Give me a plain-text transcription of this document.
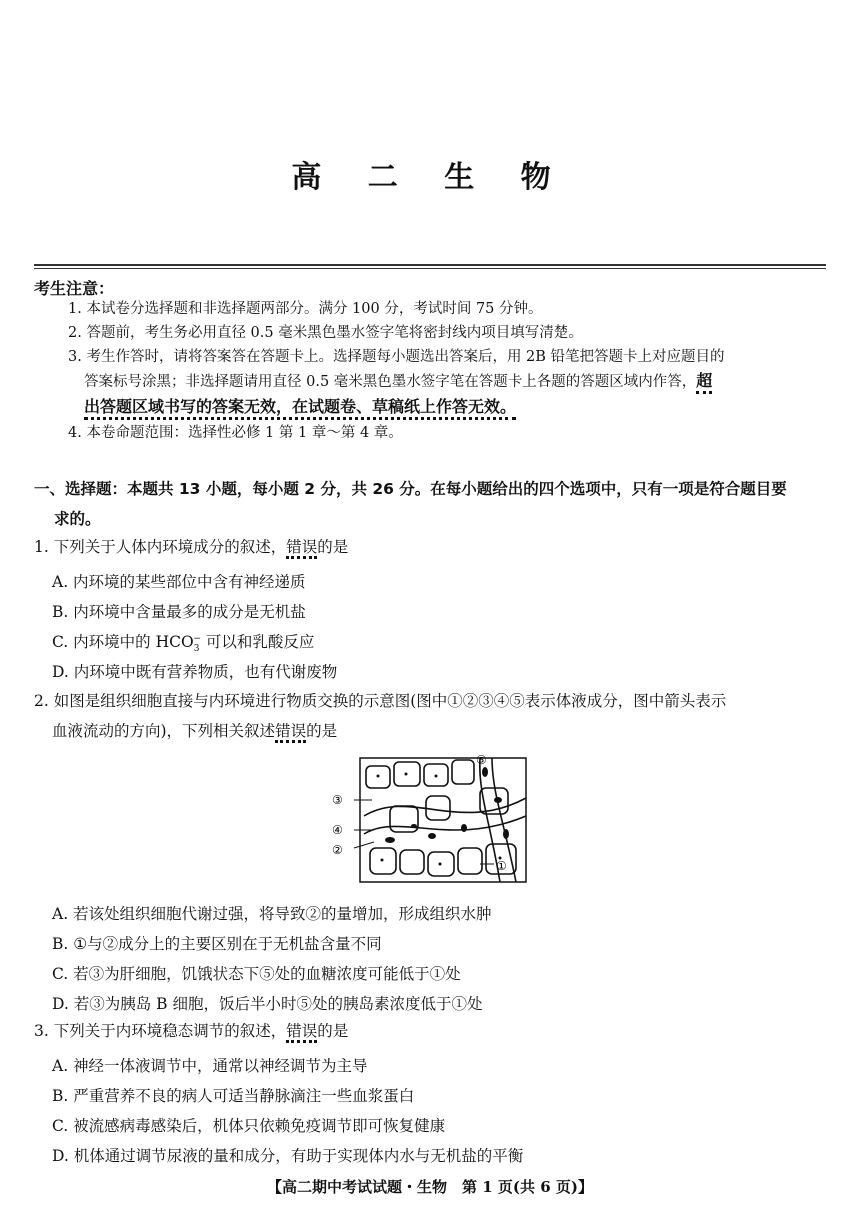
高 二 生 物
考生注意：
1. 本试卷分选择题和非选择题两部分。满分 100 分，考试时间 75 分钟。
2. 答题前，考生务必用直径 0.5 毫米黑色墨水签字笔将密封线内项目填写清楚。
3. 考生作答时，请将答案答在答题卡上。选择题每小题选出答案后，用 2B 铅笔把答题卡上对应题目的
答案标号涂黑；非选择题请用直径 0.5 毫米黑色墨水签字笔在答题卡上各题的答题区域内作答，超
出答题区域书写的答案无效，在试题卷、草稿纸上作答无效。
4. 本卷命题范围：选择性必修 1 第 1 章～第 4 章。
一、选择题：本题共 13 小题，每小题 2 分，共 26 分。在每小题给出的四个选项中，只有一项是符合题目要
求的。
1. 下列关于人体内环境成分的叙述，错误的是
A. 内环境的某些部位中含有神经递质
B. 内环境中含量最多的成分是无机盐
C. 内环境中的 $HCO_3^-$ 可以和乳酸反应
D. 内环境中既有营养物质，也有代谢废物
2. 如图是组织细胞直接与内环境进行物质交换的示意图(图中①②③④⑤表示体液成分，图中箭头表示
血液流动的方向)，下列相关叙述错误的是
⑤
③
④
②
①
A. 若该处组织细胞代谢过强，将导致②的量增加，形成组织水肿
B. ①与②成分上的主要区别在于无机盐含量不同
C. 若③为肝细胞，饥饿状态下⑤处的血糖浓度可能低于①处
D. 若③为胰岛 B 细胞，饭后半小时⑤处的胰岛素浓度低于①处
3. 下列关于内环境稳态调节的叙述，错误的是
A. 神经一体液调节中，通常以神经调节为主导
B. 严重营养不良的病人可适当静脉滴注一些血浆蛋白
C. 被流感病毒感染后，机体只依赖免疫调节即可恢复健康
D. 机体通过调节尿液的量和成分，有助于实现体内水与无机盐的平衡
【高二期中考试试题・生物　第 1 页(共 6 页)】
